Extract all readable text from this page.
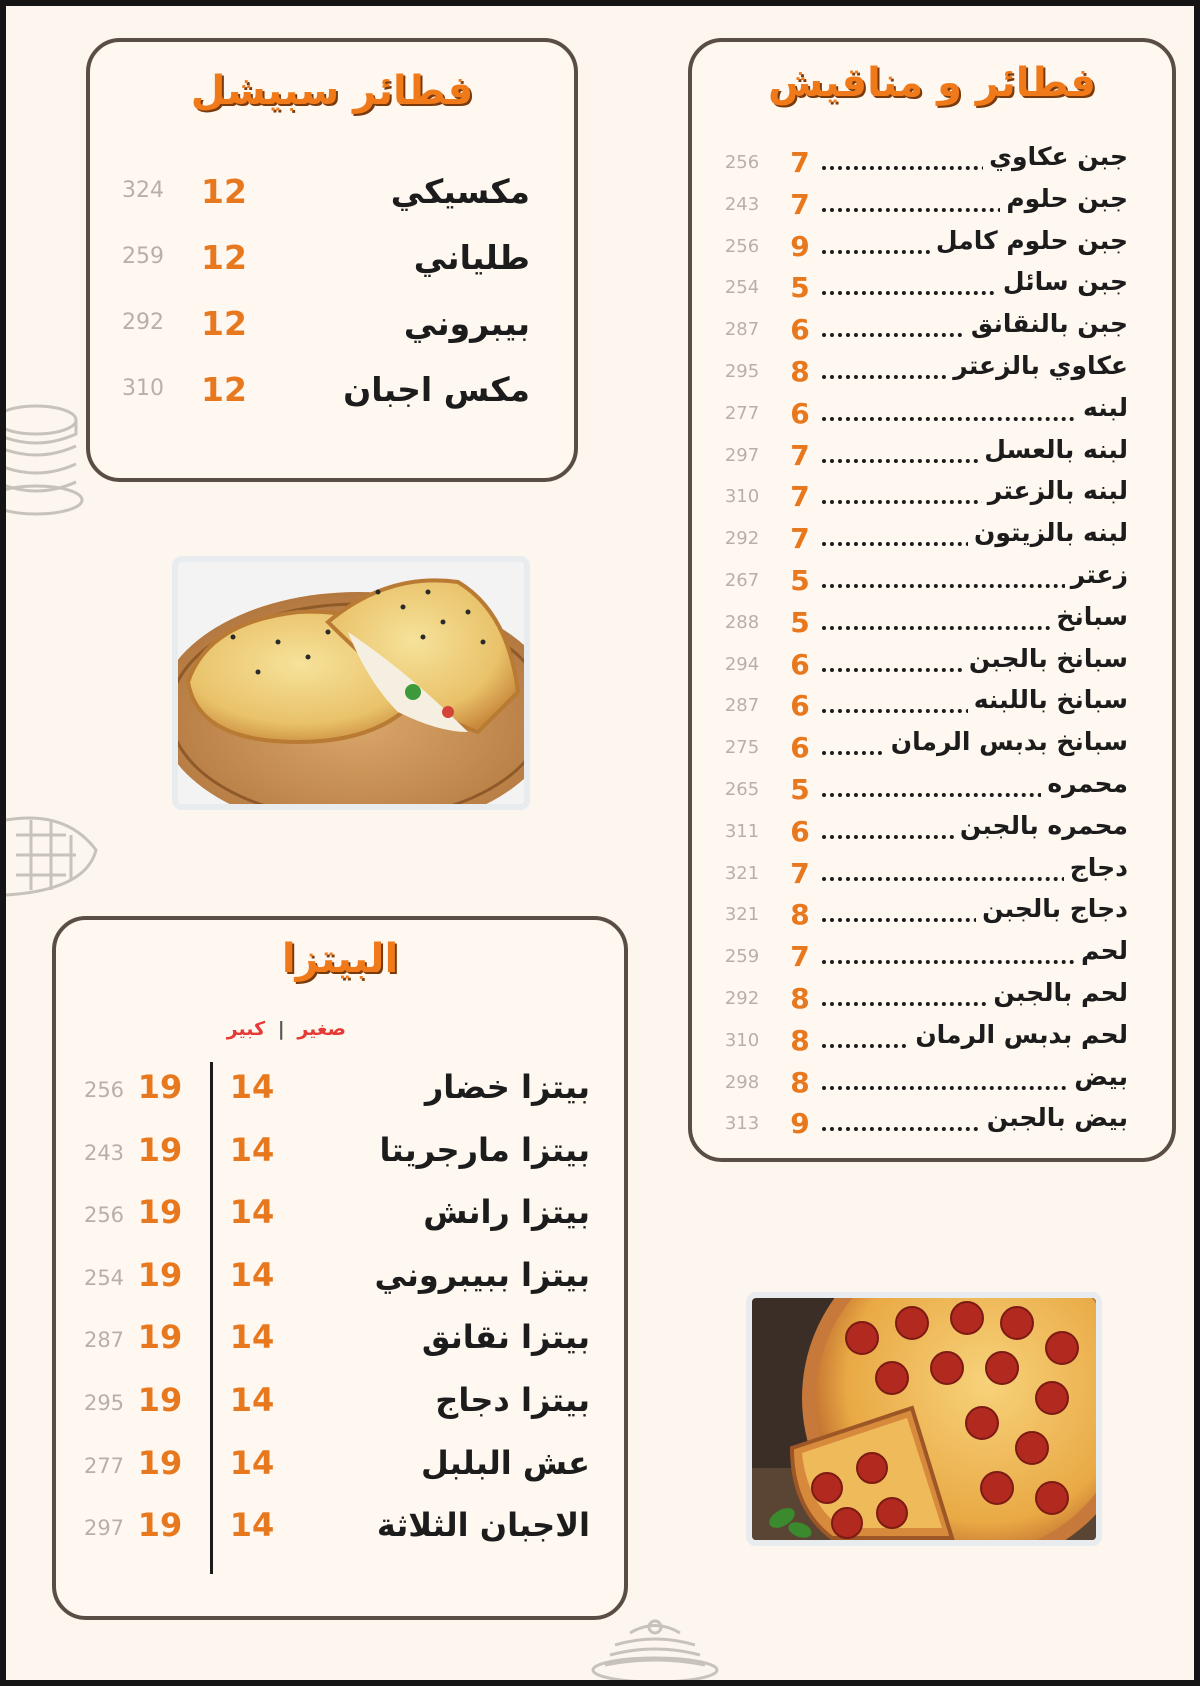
فطائر سبيشل
مكسيكي
12
324
طلياني
12
259
بيبروني
12
292
مكس اجبان
12
310
فطائر و مناقيش
جبن عكاوي
7
256
جبن حلوم
7
243
جبن حلوم كامل
9
256
جبن سائل
5
254
جبن بالنقانق
6
287
عكاوي بالزعتر
8
295
لبنه
6
277
لبنه بالعسل
7
297
لبنه بالزعتر
7
310
لبنه بالزيتون
7
292
زعتر
5
267
سبانخ
5
288
سبانخ بالجبن
6
294
سبانخ باللبنه
6
287
سبانخ بدبس الرمان
6
275
محمره
5
265
محمره بالجبن
6
311
دجاج
7
321
دجاج بالجبن
8
321
لحم
7
259
لحم بالجبن
8
292
لحم بدبس الرمان
8
310
بيض
8
298
بيض بالجبن
9
313
البيتزا
صغير | كبير
بيتزا خضار
14
19
256
بيتزا مارجريتا
14
19
243
بيتزا رانش
14
19
256
بيتزا ببيبروني
14
19
254
بيتزا نقانق
14
19
287
بيتزا دجاج
14
19
295
عش البلبل
14
19
277
الاجبان الثلاثة
14
19
297
